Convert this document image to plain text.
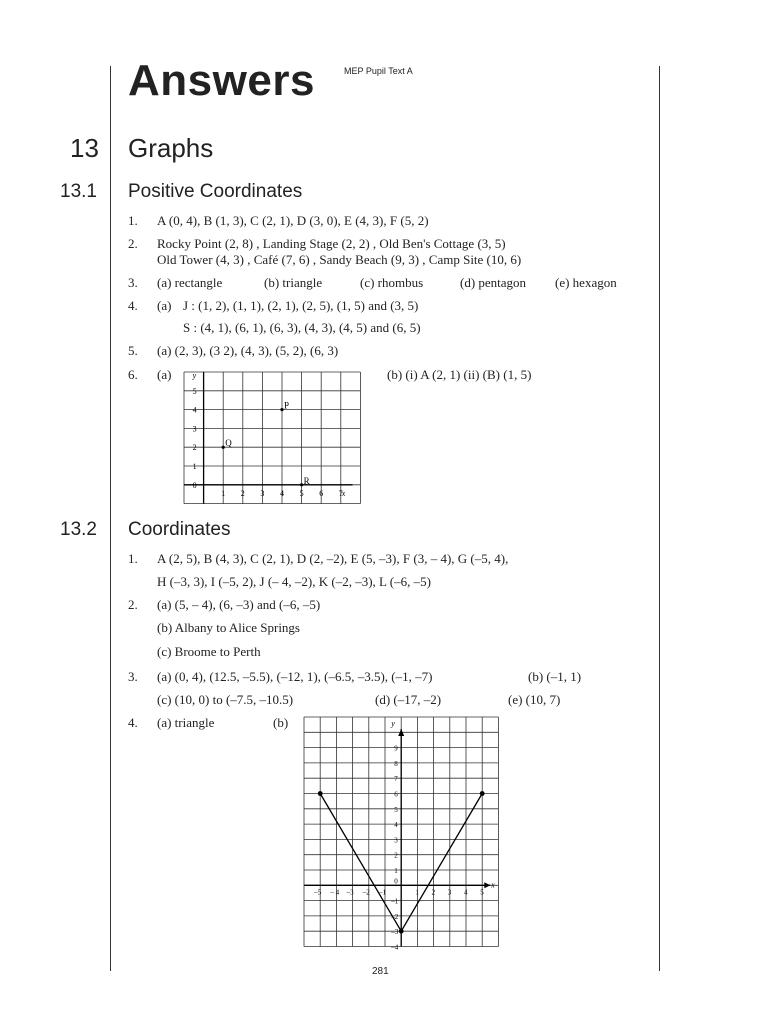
Answers	MEP Pupil Text A
13 Graphs
13.1 Positive Coordinates
1. A (0, 4), B (1, 3), C (2, 1), D (3, 0), E (4, 3), F (5, 2)
2. Rocky Point (2, 8) , Landing Stage (2, 2) , Old Ben's Cottage (3, 5)
Old Tower (4, 3) , Café (7, 6) , Sandy Beach (9, 3) , Camp Site (10, 6)
3. (a) rectangle	(b) triangle	(c) rhombus	(d) pentagon (e) hexagon
4. (a) J : (1, 2), (1, 1), (2, 1), (2, 5), (1, 5) and (3, 5)
S : (4, 1), (6, 1), (6, 3), (4, 3), (4, 5) and (6, 5)
5. (a) (2, 3), (3 2), (4, 3), (5, 2), (6, 3)
6. (a)	(b) (i) A (2, 1) (ii) (B) (1, 5)
y
x
1 2 3 4 5 6 7
0
1
2
3
4
5
P
Q
R
13.2 Coordinates
1. A (2, 5), B (4, 3), C (2, 1), D (2, –2), E (5, –3), F (3, – 4), G (–5, 4),
H (–3, 3), I (–5, 2), J (– 4, –2), K (–2, –3), L (–6, –5)
2. (a) (5, – 4), (6, –3) and (–6, –5)
(b) Albany to Alice Springs
(c) Broome to Perth
3. (a) (0, 4), (12.5, –5.5), (–12, 1), (–6.5, –3.5), (–1, –7)	(b) (–1, 1)
(c) (10, 0) to (–7.5, –10.5)	(d) (–17, –2)	(e) (10, 7)
4. (a) triangle	(b)	y
x
–5 – 4 –3 –2 –1
0
1 2 3 4 5
9
8
7
6
5
4
3
2
1
–1
–2
–3
–4
281
